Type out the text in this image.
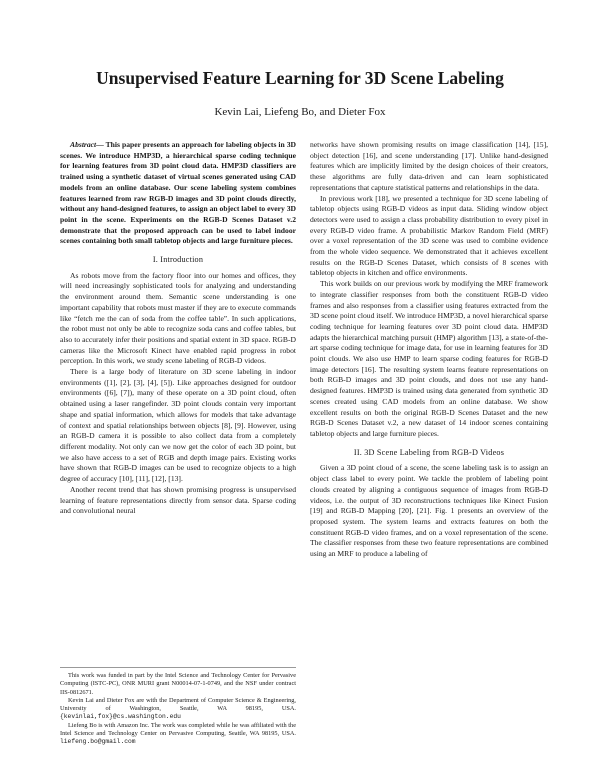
Unsupervised Feature Learning for 3D Scene Labeling
Kevin Lai, Liefeng Bo, and Dieter Fox

Abstract— This paper presents an approach for labeling objects in 3D scenes. We introduce HMP3D, a hierarchical sparse coding technique for learning features from 3D point cloud data. HMP3D classifiers are trained using a synthetic dataset of virtual scenes generated using CAD models from an online database. Our scene labeling system combines features learned from raw RGB-D images and 3D point clouds directly, without any hand-designed features, to assign an object label to every 3D point in the scene. Experiments on the RGB-D Scenes Dataset v.2 demonstrate that the proposed approach can be used to label indoor scenes containing both small tabletop objects and large furniture pieces.

I. Introduction

As robots move from the factory floor into our homes and offices, they will need increasingly sophisticated tools for analyzing and understanding the environment around them. Semantic scene understanding is one important capability that robots must master if they are to execute commands like “fetch me the can of soda from the coffee table”. In such applications, the robot must not only be able to recognize soda cans and coffee tables, but also to accurately infer their positions and spatial extent in 3D space. RGB-D cameras like the Microsoft Kinect have enabled rapid progress in robot perception. In this work, we study scene labeling of RGB-D videos.

There is a large body of literature on 3D scene labeling in indoor environments ([1], [2], [3], [4], [5]). Like approaches designed for outdoor environments ([6], [7]), many of these operate on a 3D point cloud, often obtained using a laser rangefinder. 3D point clouds contain very important shape and spatial information, which allows for models that take advantage of context and spatial relationships between objects [8], [9]. However, using an RGB-D camera it is possible to also collect data from a completely different modality. Not only can we now get the color of each 3D point, but we also have access to a set of RGB and depth image pairs. Existing works have shown that RGB-D images can be used to recognize objects to a high degree of accuracy [10], [11], [12], [13].

Another recent trend that has shown promising progress is unsupervised learning of feature representations directly from sensor data. Sparse coding and convolutional neural

This work was funded in part by the Intel Science and Technology Center for Pervasive Computing (ISTC-PC), ONR MURI grant N00014-07-1-0749, and the NSF under contract IIS-0812671.

Kevin Lai and Dieter Fox are with the Department of Computer Science & Engineering, University of Washington, Seattle, WA 98195, USA. {kevinlai,fox}@cs.washington.edu

Liefeng Bo is with Amazon Inc. The work was completed while he was affiliated with the Intel Science and Technology Center on Pervasive Computing, Seattle, WA 98195, USA. liefeng.bo@gmail.com

networks have shown promising results on image classification [14], [15], object detection [16], and scene understanding [17]. Unlike hand-designed features which are implicitly limited by the design choices of their creators, these algorithms are fully data-driven and can learn sophisticated representations that capture statistical patterns and relationships in the data.

In previous work [18], we presented a technique for 3D scene labeling of tabletop objects using RGB-D videos as input data. Sliding window object detectors were used to assign a class probability distribution to every pixel in every RGB-D video frame. A probabilistic Markov Random Field (MRF) over a voxel representation of the 3D scene was used to combine evidence from the whole video sequence. We demonstrated that it achieves excellent results on the RGB-D Scenes Dataset, which consists of 8 scenes with tabletop objects in kitchen and office environments.

This work builds on our previous work by modifying the MRF framework to integrate classifier responses from both the constituent RGB-D video frames and also responses from a classifier using features extracted from the 3D scene point cloud itself. We introduce HMP3D, a novel hierarchical sparse coding technique for learning features over 3D point cloud data. HMP3D adapts the hierarchical matching pursuit (HMP) algorithm [13], a state-of-the-art sparse coding technique for image data, for use in learning features for 3D point clouds. We also use HMP to learn sparse coding features for RGB-D image detectors [16]. The resulting system learns feature representations on both RGB-D images and 3D point clouds, and does not use any hand-designed features. HMP3D is trained using data generated from synthetic 3D scenes created using CAD models from an online database. We show excellent results on both the original RGB-D Scenes Dataset and the new RGB-D Scenes Dataset v.2, a new dataset of 14 indoor scenes containing tabletop objects and large furniture pieces.

II. 3D Scene Labeling from RGB-D Videos

Given a 3D point cloud of a scene, the scene labeling task is to assign an object class label to every point. We tackle the problem of labeling point clouds created by aligning a contiguous sequence of images from RGB-D videos, i.e. the output of 3D reconstructions techniques like Kinect Fusion [19] and RGB-D Mapping [20], [21]. Fig. 1 presents an overview of the proposed system. The system learns and extracts features on both the constituent RGB-D video frames, and on a voxel representation of the scene. The classifier responses from these two feature representations are combined using an MRF to produce a labeling of
